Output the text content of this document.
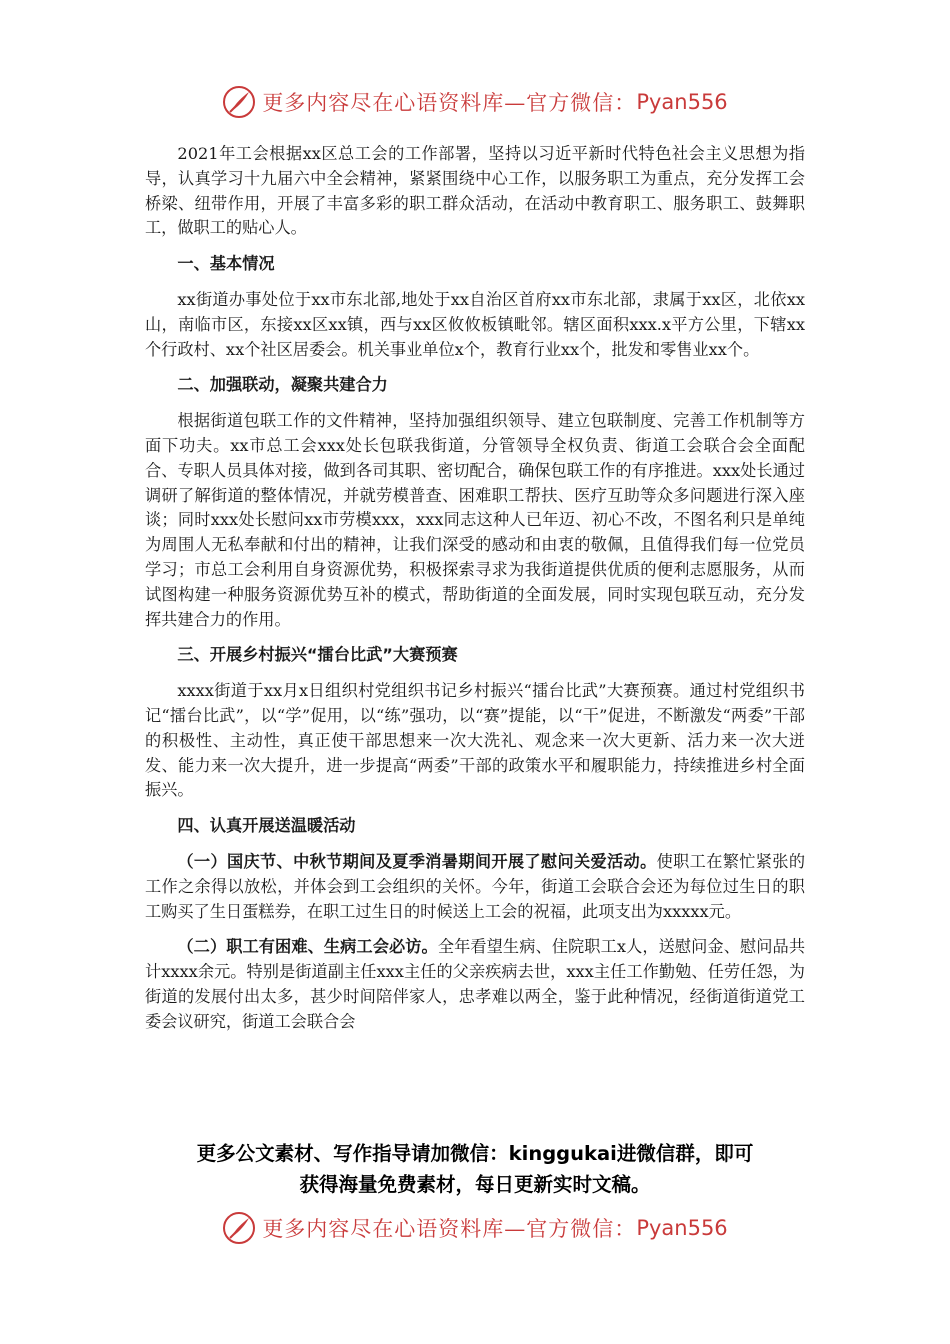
更多内容尽在心语资料库—官方微信： Pyan556

2021年工会根据xx区总工会的工作部署，坚持以习近平新时代特色社会主义思想为指导，认真学习十九届六中全会精神，紧紧围绕中心工作，以服务职工为重点，充分发挥工会桥梁、纽带作用，开展了丰富多彩的职工群众活动，在活动中教育职工、服务职工、鼓舞职工，做职工的贴心人。

一、基本情况

xx街道办事处位于xx市东北部,地处于xx自治区首府xx市东北部，隶属于xx区，北依xx山，南临市区，东接xx区xx镇，西与xx区攸攸板镇毗邻。辖区面积xxx.x平方公里，下辖xx个行政村、xx个社区居委会。机关事业单位x个，教育行业xx个，批发和零售业xx个。

二、加强联动，凝聚共建合力

根据街道包联工作的文件精神，坚持加强组织领导、建立包联制度、完善工作机制等方面下功夫。xx市总工会xxx处长包联我街道，分管领导全权负责、街道工会联合会全面配合、专职人员具体对接，做到各司其职、密切配合，确保包联工作的有序推进。xxx处长通过调研了解街道的整体情况，并就劳模普查、困难职工帮扶、医疗互助等众多问题进行深入座谈；同时xxx处长慰问xx市劳模xxx，xxx同志这种人已年迈、初心不改，不图名利只是单纯为周围人无私奉献和付出的精神，让我们深受的感动和由衷的敬佩，且值得我们每一位党员学习；市总工会利用自身资源优势，积极探索寻求为我街道提供优质的便利志愿服务，从而试图构建一种服务资源优势互补的模式，帮助街道的全面发展，同时实现包联互动，充分发挥共建合力的作用。

三、开展乡村振兴“擂台比武”大赛预赛

xxxx街道于xx月x日组织村党组织书记乡村振兴“擂台比武”大赛预赛。通过村党组织书记“擂台比武”，以“学”促用，以“练”强功，以“赛”提能，以“干”促进，不断激发“两委”干部的积极性、主动性，真正使干部思想来一次大洗礼、观念来一次大更新、活力来一次大迸发、能力来一次大提升，进一步提高“两委”干部的政策水平和履职能力，持续推进乡村全面振兴。

四、认真开展送温暖活动

（一）国庆节、中秋节期间及夏季消暑期间开展了慰问关爱活动。使职工在繁忙紧张的工作之余得以放松，并体会到工会组织的关怀。今年，街道工会联合会还为每位过生日的职工购买了生日蛋糕券，在职工过生日的时候送上工会的祝福，此项支出为xxxxx元。

（二）职工有困难、生病工会必访。全年看望生病、住院职工x人，送慰问金、慰问品共计xxxx余元。特别是街道副主任xxx主任的父亲疾病去世，xxx主任工作勤勉、任劳任怨，为街道的发展付出太多，甚少时间陪伴家人，忠孝难以两全，鉴于此种情况，经街道街道党工委会议研究，街道工会联合会

更多公文素材、写作指导请加微信：kinggukai进微信群，即可
获得海量免费素材，每日更新实时文稿。
更多内容尽在心语资料库—官方微信： Pyan556
